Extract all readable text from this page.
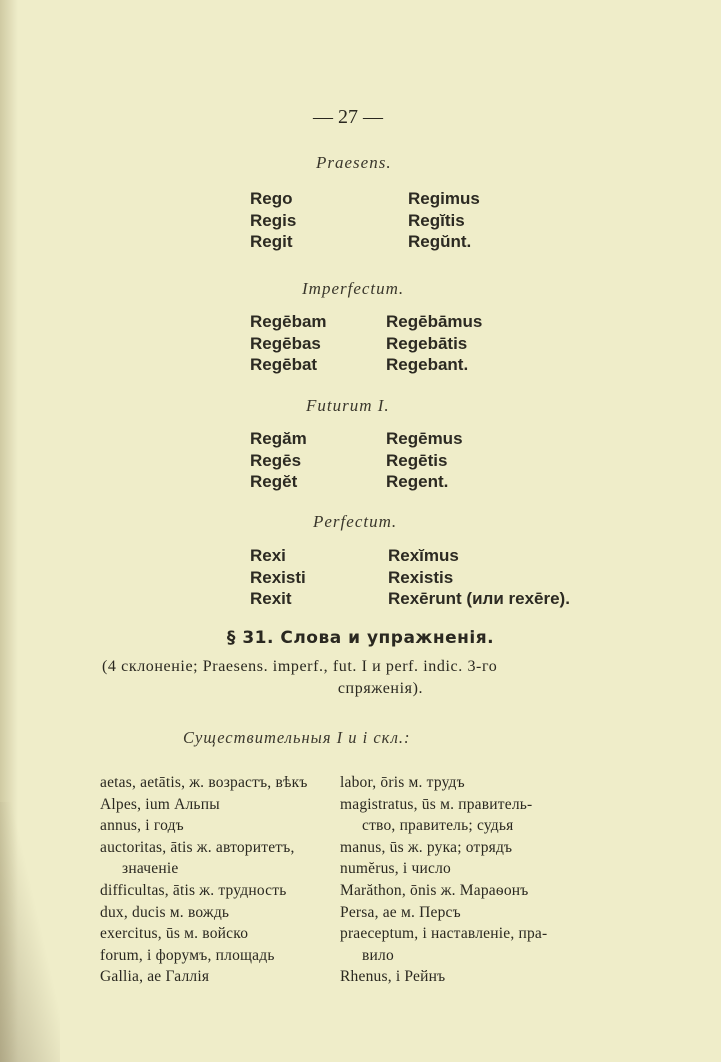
— 27 —
Praesens.
Rego
Regis
Regit
Regimus
Regĭtis
Regŭnt.
Imperfectum.
Regēbam
Regēbas
Regēbat
Regēbāmus
Regebātis
Regebant.
Futurum I.
Regăm
Regēs
Regĕt
Regēmus
Regētis
Regent.
Perfectum.
Rexi
Rexisti
Rexit
Rexĭmus
Rexistis
Rexērunt (или rexēre).
§ 31. Слова и упражненія.
(4 склоненіе; Praesens. imperf., fut. I и perf. indic. 3-го
спряженія).
Существительныя I и і скл.:
aetas, aetātis, ж. возрастъ, вѣкъ
Alpes, ium Альпы
annus, i годъ
auctoritas, ātis ж. авторитетъ,
значеніе
difficultas, ātis ж. трудность
dux, ducis м. вождь
exercitus, ūs м. войско
forum, i форумъ, площадь
Gallia, ae Галлія
labor, ōris м. трудъ
magistratus, ūs м. правитель-
ство, правитель; судья
manus, ūs ж. рука; отрядъ
numĕrus, i число
Marăthon, ōnis ж. Мараѳонъ
Persa, ae м. Персъ
praeceptum, i наставленіе, пра-
вило
Rhenus, i Рейнъ
